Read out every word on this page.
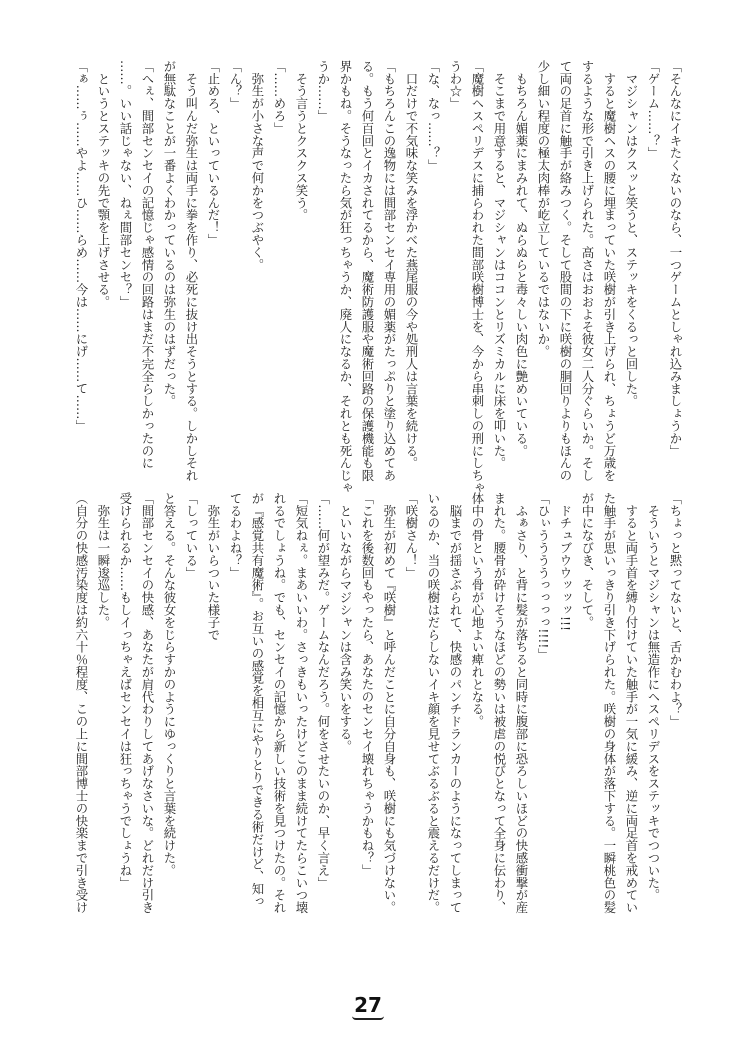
「そんなにイキたくないのなら、一つゲームとしゃれ込みましょうか」
「ゲーム……？」
　マジシャンはクスッと笑うと、ステッキをくるっと回した。
　すると魔樹ヘスの腰に埋まっていた咲樹が引き上げられ、ちょうど万歳を
するような形で引き上げられた。高さはおおよそ彼女二人分ぐらいか。そし
て両の足首に触手が絡みつく。そして股間の下に咲樹の胴回りよりもほんの
少し細い程度の極太肉棒が屹立しているではないか。
　もちろん媚薬にまみれて、ぬらぬらと毒々しい肉色に艶めいている。
　そこまで用意すると、マジシャンはココンとリズミカルに床を叩いた。
「魔樹ヘスペリデスに捕らわれた間部咲樹博士を、今から串刺しの刑にしちゃ
うわ☆」
「な、なっ……？」
　口だけで不気味な笑みを浮かべた燕尾服の今や処刑人は言葉を続ける。
「もちろんこの逸物には間部センセイ専用の媚薬がたっぷりと塗り込めてあ
る。もう何百回とイカされてるから、魔術防護服や魔術回路の保護機能も限
界かもね。そうなったら気が狂っちゃうか、廃人になるか、それとも死んじゃ
うか……」
　そう言うとクスクス笑う。
「……めろ」
　弥生が小さな声で何かをつぶやく。
「ん？」
「止めろ、といっているんだ！」
　そう叫んだ弥生は両手に拳を作り、必死に抜け出そうとする。しかしそれ
が無駄なことが一番よくわかっているのは弥生のはずだった。
「へぇ、間部センセイの記憶じゃ感情の回路はまだ不完全らしかったのに
……。いい話じゃない、ねぇ間部センセ？」
　というとステッキの先で顎を上げさせる。
「ぁ……ぅ……やよ……ひ……らめ……今は……にげ……て……」
「ちょっと黙ってないと、舌かむわよ？」
　そういうとマジシャンは無造作にヘスペリデスをステッキでつついた。
　すると両手首を縛り付けていた触手が一気に緩み、逆に両足首を戒めてい
た触手が思いっきり引き下げられた。咲樹の身体が落下する。一瞬桃色の髪
が中になびき、そして。
　ドチュブウウッッッ!!!
「ひぃううううっっっっ!!!!」
　ふぁさり、と背に髪が落ちると同時に腹部に恐ろしいほどの快感衝撃が産
まれた。腰骨が砕けそうなほどの勢いは被虐の悦びとなって全身に伝わり、
体中の骨という骨が心地よい痺れとなる。
　脳までが揺さぶられて、快感のパンチドランカーのようになってしまって
いるのか、当の咲樹はだらしないイキ顔を見せてぶるぶると震えるだけだ。
「咲樹さん！」
　弥生が初めて『咲樹』と呼んだことに自分自身も、咲樹にも気づけない。
「これを後数回もやったら、あなたのセンセイ壊れちゃうかもね？」
　といいながらマジシャンは含み笑いをする。
「……何が望みだ。ゲームなんだろう。何をさせたいのか、早く言え」
「短気ねぇ。まあいいわ。さっきもいったけどこのまま続けてたらこいつ壊
れるでしょうね。でも、センセイの記憶から新しい技術を見つけたの。それ
が『感覚共有魔術』。お互いの感覚を相互にやりとりできる術だけど、知っ
てるわよね？」
　弥生がいらついた様子で
「しっている」
と答える。そんな彼女をじらすかのようにゆっくりと言葉を続けた。
「間部センセイの快感、あなたが肩代わりしてあげなさいな。どれだけ引き
受けられるか……もしイっちゃえばセンセイは狂っちゃうでしょうね」
　弥生は一瞬逡巡した。
（自分の快感汚染度は約六十％程度、この上に間部博士の快楽まで引き受け
27
